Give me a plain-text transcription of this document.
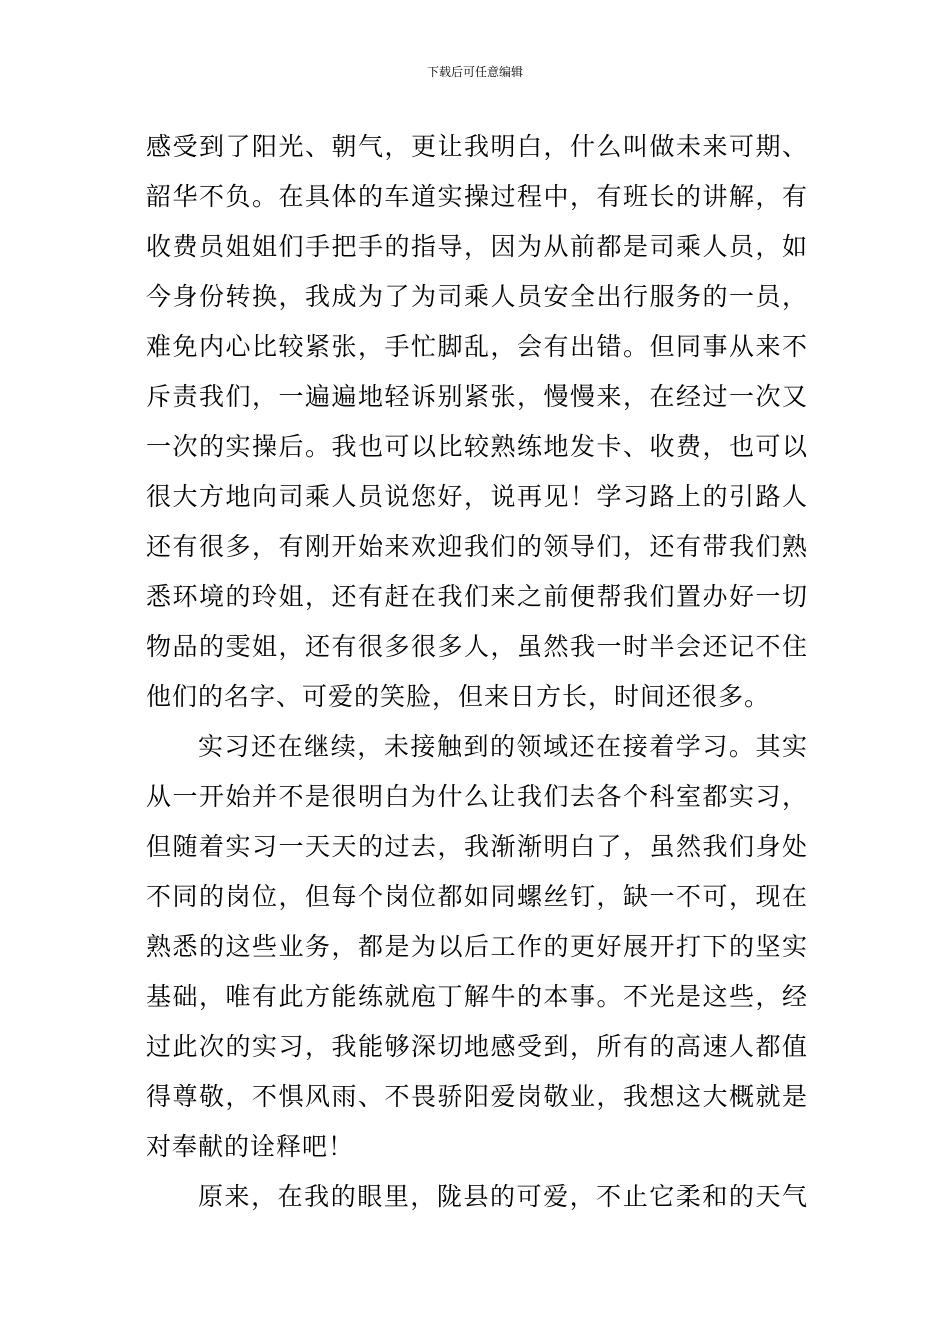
下载后可任意编辑
感受到了阳光、朝气，更让我明白，什么叫做未来可期、
韶华不负。在具体的车道实操过程中，有班长的讲解，有
收费员姐姐们手把手的指导，因为从前都是司乘人员，如
今身份转换，我成为了为司乘人员安全出行服务的一员，
难免内心比较紧张，手忙脚乱，会有出错。但同事从来不
斥责我们，一遍遍地轻诉别紧张，慢慢来，在经过一次又
一次的实操后。我也可以比较熟练地发卡、收费，也可以
很大方地向司乘人员说您好，说再见！学习路上的引路人
还有很多，有刚开始来欢迎我们的领导们，还有带我们熟
悉环境的玲姐，还有赶在我们来之前便帮我们置办好一切
物品的雯姐，还有很多很多人，虽然我一时半会还记不住
他们的名字、可爱的笑脸，但来日方长，时间还很多。
实习还在继续，未接触到的领域还在接着学习。其实
从一开始并不是很明白为什么让我们去各个科室都实习，
但随着实习一天天的过去，我渐渐明白了，虽然我们身处
不同的岗位，但每个岗位都如同螺丝钉，缺一不可，现在
熟悉的这些业务，都是为以后工作的更好展开打下的坚实
基础，唯有此方能练就庖丁解牛的本事。不光是这些，经
过此次的实习，我能够深切地感受到，所有的高速人都值
得尊敬，不惧风雨、不畏骄阳爱岗敬业，我想这大概就是
对奉献的诠释吧！
原来，在我的眼里，陇县的可爱，不止它柔和的天气
